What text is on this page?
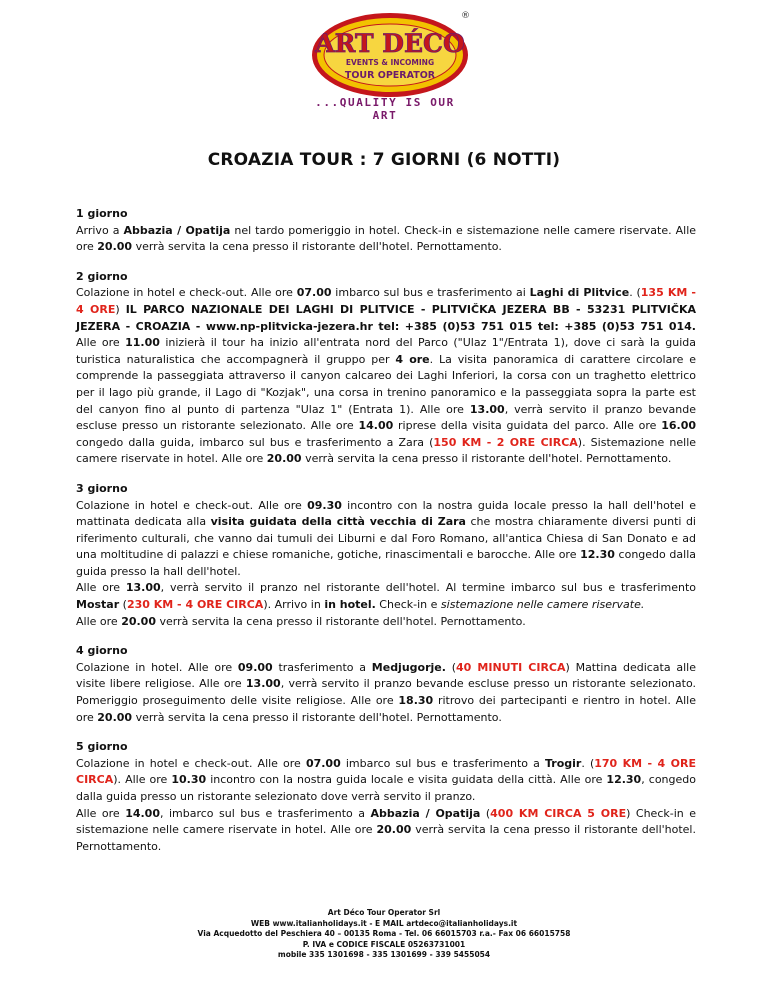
ART DÉCO
EVENTS & INCOMING
TOUR OPERATOR
®
...QUALITY IS OUR ART
CROAZIA TOUR : 7 GIORNI (6 NOTTI)
1 giorno

Arrivo a Abbazia / Opatija nel tardo pomeriggio in hotel. Check-in e sistemazione nelle camere riservate. Alle ore 20.00 verrà servita la cena presso il ristorante dell'hotel. Pernottamento.

2 giorno

Colazione in hotel e check-out. Alle ore 07.00 imbarco sul bus e trasferimento ai Laghi di Plitvice. (135 KM - 4 ORE) IL PARCO NAZIONALE DEI LAGHI DI PLITVICE - PLITVIČKA JEZERA BB - 53231 PLITVIČKA JEZERA - CROAZIA - www.np-plitvicka-jezera.hr tel: +385 (0)53 751 015 tel: +385 (0)53 751 014. Alle ore 11.00 inizierà il tour ha inizio all'entrata nord del Parco ("Ulaz 1"/Entrata 1), dove ci sarà la guida turistica naturalistica che accompagnerà il gruppo per 4 ore. La visita panoramica di carattere circolare e comprende la passeggiata attraverso il canyon calcareo dei Laghi Inferiori, la corsa con un traghetto elettrico per il lago più grande, il Lago di "Kozjak", una corsa in trenino panoramico e la passeggiata sopra la parte est del canyon fino al punto di partenza "Ulaz 1" (Entrata 1). Alle ore 13.00, verrà servito il pranzo bevande escluse presso un ristorante selezionato. Alle ore 14.00 riprese della visita guidata del parco. Alle ore 16.00 congedo dalla guida, imbarco sul bus e trasferimento a Zara (150 KM - 2 ORE CIRCA). Sistemazione nelle camere riservate in hotel. Alle ore 20.00 verrà servita la cena presso il ristorante dell'hotel. Pernottamento.

3 giorno

Colazione in hotel e check-out. Alle ore 09.30 incontro con la nostra guida locale presso la hall dell'hotel e mattinata dedicata alla visita guidata della città vecchia di Zara che mostra chiaramente diversi punti di riferimento culturali, che vanno dai tumuli dei Liburni e dal Foro Romano, all'antica Chiesa di San Donato e ad una moltitudine di palazzi e chiese romaniche, gotiche, rinascimentali e barocche. Alle ore 12.30 congedo dalla guida presso la hall dell'hotel.

Alle ore 13.00, verrà servito il pranzo nel ristorante dell'hotel. Al termine imbarco sul bus e trasferimento Mostar (230 KM - 4 ORE CIRCA). Arrivo in in hotel. Check-in e sistemazione nelle camere riservate.

Alle ore 20.00 verrà servita la cena presso il ristorante dell'hotel. Pernottamento.

4 giorno

Colazione in hotel. Alle ore 09.00 trasferimento a Medjugorje. (40 MINUTI CIRCA) Mattina dedicata alle visite libere religiose. Alle ore 13.00, verrà servito il pranzo bevande escluse presso un ristorante selezionato. Pomeriggio proseguimento delle visite religiose. Alle ore 18.30 ritrovo dei partecipanti e rientro in hotel. Alle ore 20.00 verrà servita la cena presso il ristorante dell'hotel. Pernottamento.

5 giorno

Colazione in hotel e check-out. Alle ore 07.00 imbarco sul bus e trasferimento a Trogir. (170 KM - 4 ORE CIRCA). Alle ore 10.30 incontro con la nostra guida locale e visita guidata della città. Alle ore 12.30, congedo dalla guida presso un ristorante selezionato dove verrà servito il pranzo.

Alle ore 14.00, imbarco sul bus e trasferimento a Abbazia / Opatija (400 KM CIRCA 5 ORE) Check-in e sistemazione nelle camere riservate in hotel. Alle ore 20.00 verrà servita la cena presso il ristorante dell'hotel. Pernottamento.

Art Déco Tour Operator Srl
WEB www.italianholidays.it - E MAIL artdeco@italianholidays.it
Via Acquedotto del Peschiera 40 – 00135 Roma - Tel. 06 66015703 r.a.- Fax 06 66015758
P. IVA e CODICE FISCALE 05263731001
mobile 335 1301698 - 335 1301699 - 339 5455054
